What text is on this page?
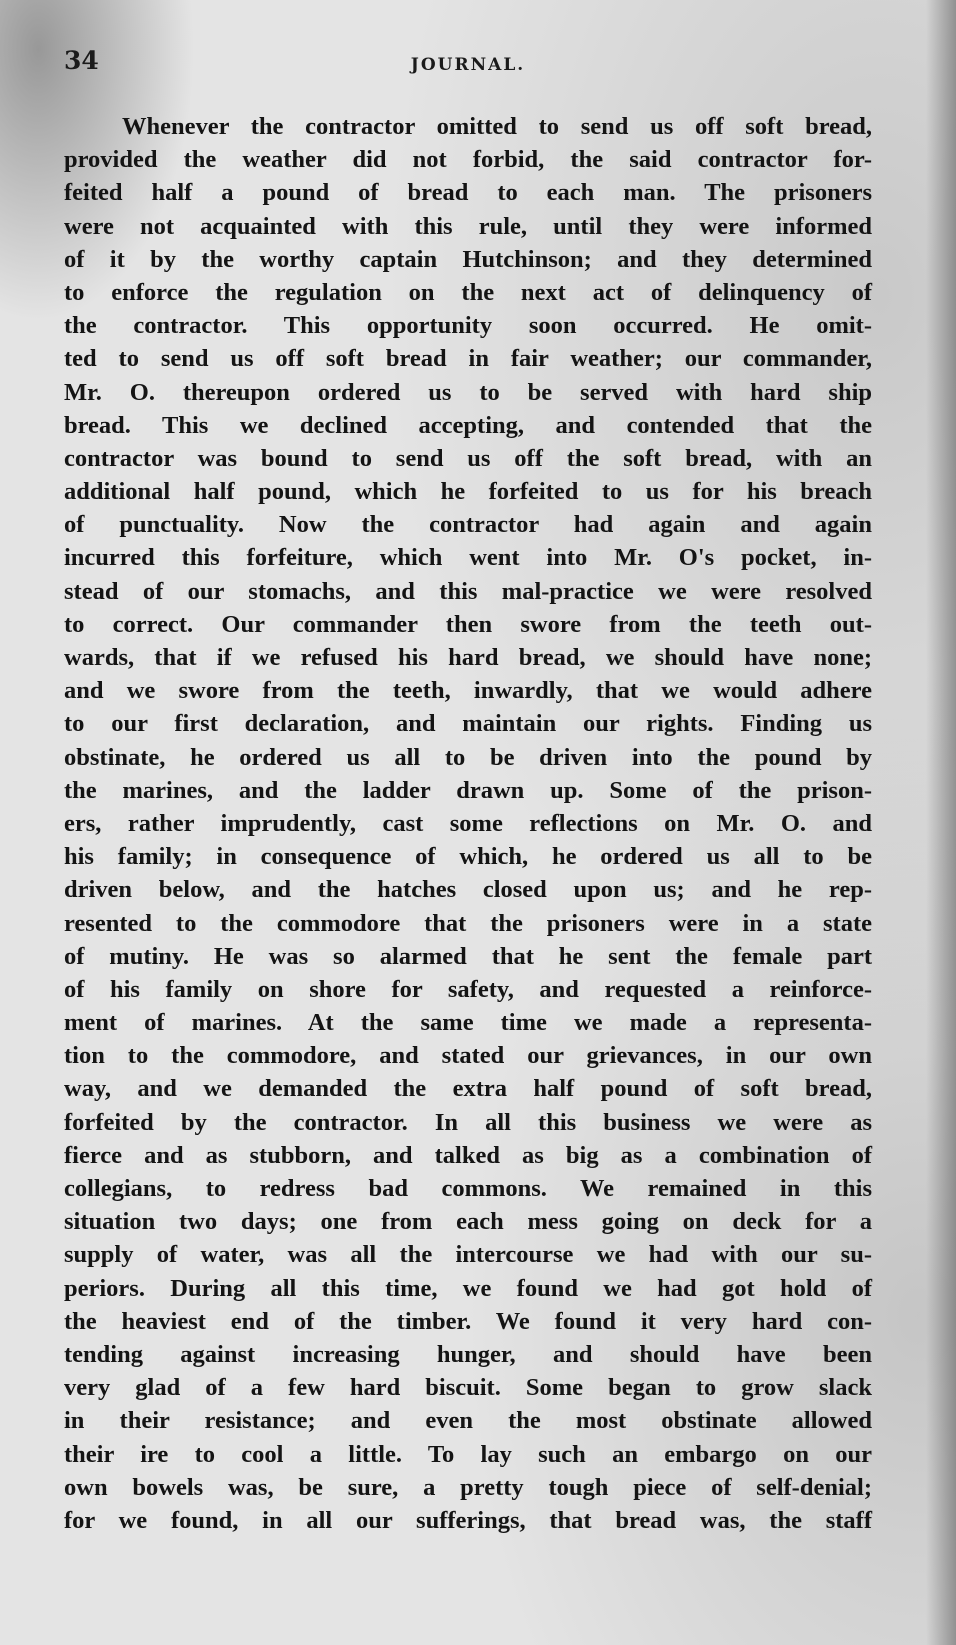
34	JOURNAL.
Whenever the contractor omitted to send us off soft bread,
provided the weather did not forbid, the said contractor for-
feited half a pound of bread to each man. The prisoners
were not acquainted with this rule, until they were informed
of it by the worthy captain Hutchinson; and they determined
to enforce the regulation on the next act of delinquency of
the contractor. This opportunity soon occurred. He omit-
ted to send us off soft bread in fair weather; our commander,
Mr. O. thereupon ordered us to be served with hard ship
bread. This we declined accepting, and contended that the
contractor was bound to send us off the soft bread, with an
additional half pound, which he forfeited to us for his breach
of punctuality. Now the contractor had again and again
incurred this forfeiture, which went into Mr. O's pocket, in-
stead of our stomachs, and this mal-practice we were resolved
to correct. Our commander then swore from the teeth out-
wards, that if we refused his hard bread, we should have none;
and we swore from the teeth, inwardly, that we would adhere
to our first declaration, and maintain our rights. Finding us
obstinate, he ordered us all to be driven into the pound by
the marines, and the ladder drawn up. Some of the prison-
ers, rather imprudently, cast some reflections on Mr. O. and
his family; in consequence of which, he ordered us all to be
driven below, and the hatches closed upon us; and he rep-
resented to the commodore that the prisoners were in a state
of mutiny. He was so alarmed that he sent the female part
of his family on shore for safety, and requested a reinforce-
ment of marines. At the same time we made a representa-
tion to the commodore, and stated our grievances, in our own
way, and we demanded the extra half pound of soft bread,
forfeited by the contractor. In all this business we were as
fierce and as stubborn, and talked as big as a combination of
collegians, to redress bad commons. We remained in this
situation two days; one from each mess going on deck for a
supply of water, was all the intercourse we had with our su-
periors. During all this time, we found we had got hold of
the heaviest end of the timber. We found it very hard con-
tending against increasing hunger, and should have been
very glad of a few hard biscuit. Some began to grow slack
in their resistance; and even the most obstinate allowed
their ire to cool a little. To lay such an embargo on our
own bowels was, be sure, a pretty tough piece of self-denial;
for we found, in all our sufferings, that bread was, the staff
